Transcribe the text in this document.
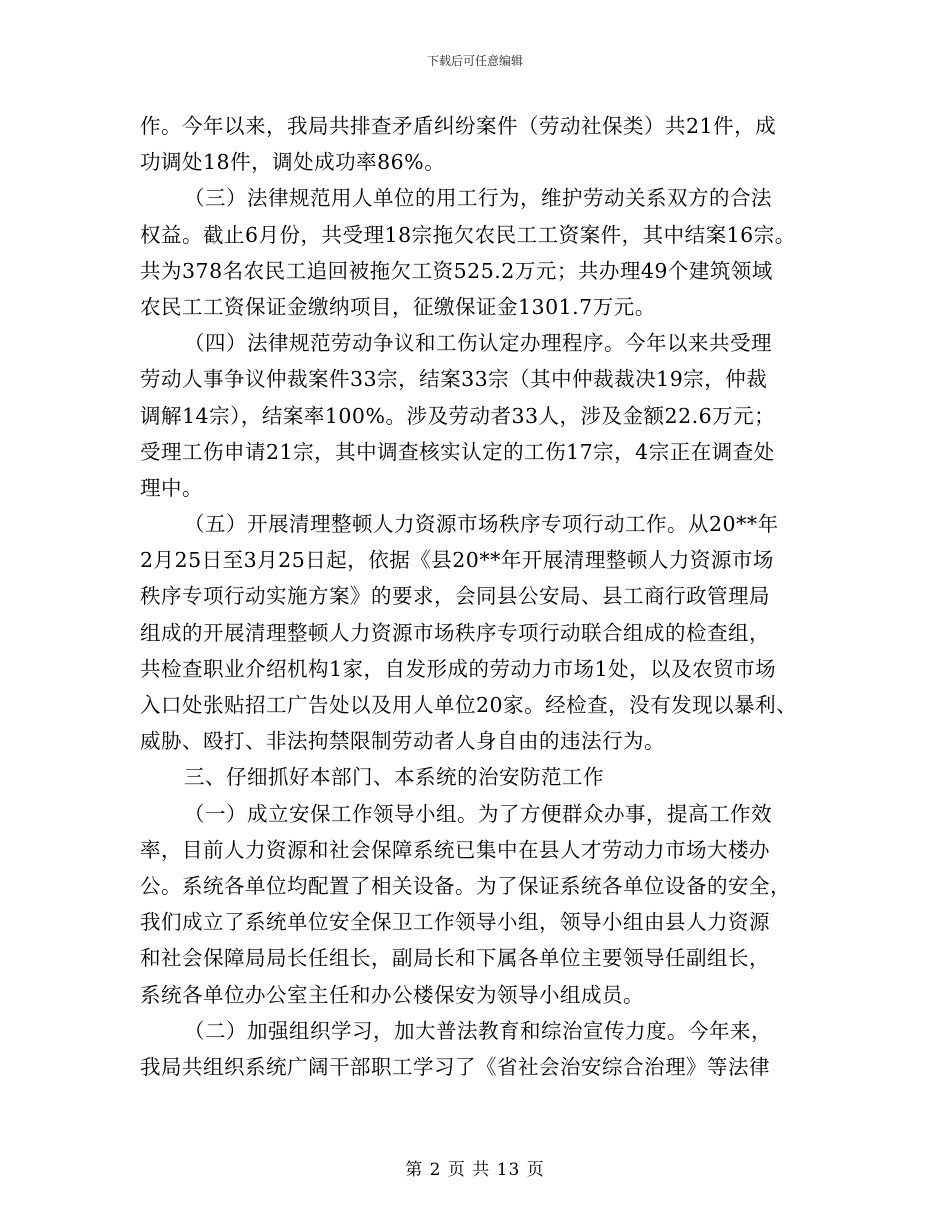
下载后可任意编辑
作。今年以来，我局共排查矛盾纠纷案件（劳动社保类）共21件，成
功调处18件，调处成功率86%。
（三）法律规范用人单位的用工行为，维护劳动关系双方的合法
权益。截止6月份，共受理18宗拖欠农民工工资案件，其中结案16宗。
共为378名农民工追回被拖欠工资525.2万元；共办理49个建筑领域
农民工工资保证金缴纳项目，征缴保证金1301.7万元。
（四）法律规范劳动争议和工伤认定办理程序。今年以来共受理
劳动人事争议仲裁案件33宗，结案33宗（其中仲裁裁决19宗，仲裁
调解14宗），结案率100%。涉及劳动者33人，涉及金额22.6万元；
受理工伤申请21宗，其中调查核实认定的工伤17宗，4宗正在调查处
理中。
（五）开展清理整顿人力资源市场秩序专项行动工作。从20**年
2月25日至3月25日起，依据《县20**年开展清理整顿人力资源市场
秩序专项行动实施方案》的要求，会同县公安局、县工商行政管理局
组成的开展清理整顿人力资源市场秩序专项行动联合组成的检查组，
共检查职业介绍机构1家，自发形成的劳动力市场1处，以及农贸市场
入口处张贴招工广告处以及用人单位20家。经检查，没有发现以暴利、
威胁、殴打、非法拘禁限制劳动者人身自由的违法行为。
三、仔细抓好本部门、本系统的治安防范工作
（一）成立安保工作领导小组。为了方便群众办事，提高工作效
率，目前人力资源和社会保障系统已集中在县人才劳动力市场大楼办
公。系统各单位均配置了相关设备。为了保证系统各单位设备的安全，
我们成立了系统单位安全保卫工作领导小组，领导小组由县人力资源
和社会保障局局长任组长，副局长和下属各单位主要领导任副组长，
系统各单位办公室主任和办公楼保安为领导小组成员。
（二）加强组织学习，加大普法教育和综治宣传力度。今年来，
我局共组织系统广阔干部职工学习了《省社会治安综合治理》等法律
第 2 页 共 13 页
